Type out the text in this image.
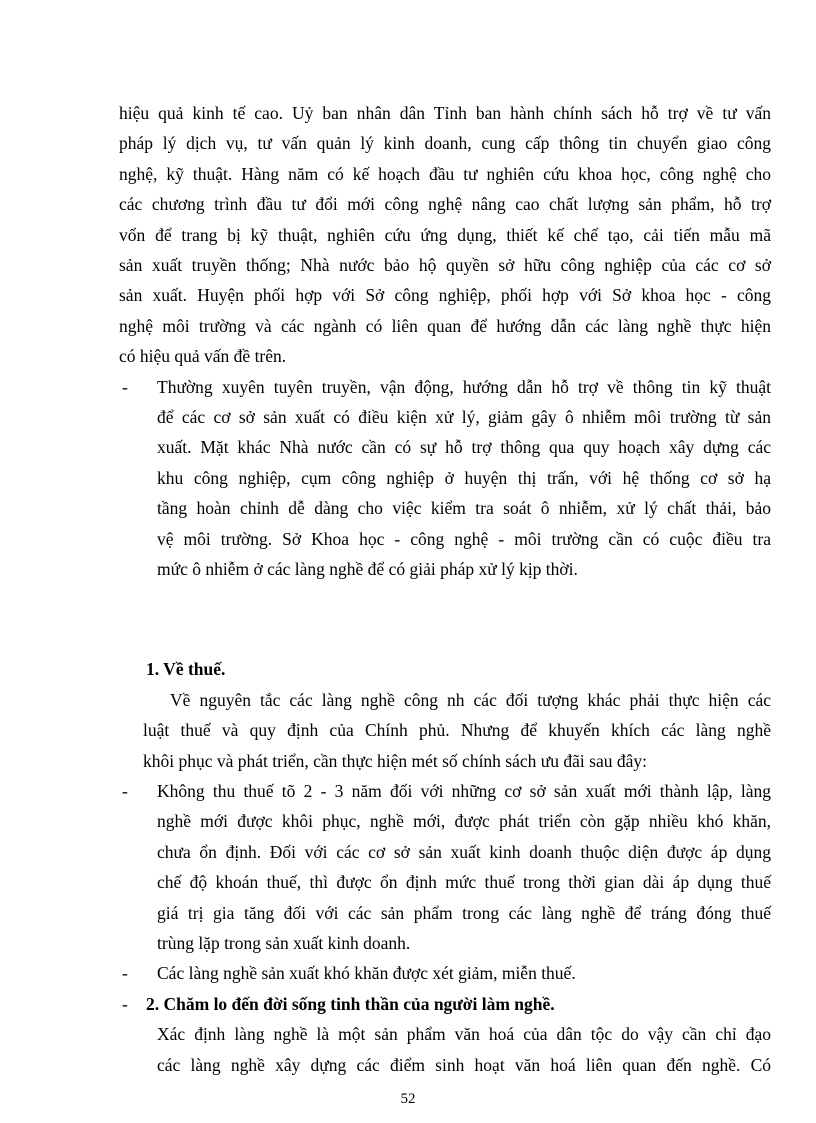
hiệu quả kinh tế cao. Uỷ ban nhân dân Tỉnh ban hành chính sách hỗ trợ về tư vấn
pháp lý dịch vụ, tư vấn quản lý kinh doanh, cung cấp thông tin chuyển giao công
nghệ, kỹ thuật. Hàng năm có kế hoạch đầu tư nghiên cứu khoa học, công nghệ cho
các chương trình đầu tư đổi mới công nghệ nâng cao chất lượng sản phẩm, hỗ trợ
vốn để trang bị kỹ thuật, nghiên cứu ứng dụng, thiết kế chế tạo, cải tiến mẫu mã
sản xuất truyền thống; Nhà nước bảo hộ quyền sở hữu công nghiệp của các cơ sở
sản xuất. Huyện phối hợp với Sở công nghiệp, phối hợp với Sở khoa học - công
nghệ môi trường và các ngành có liên quan để hướng dẫn các làng nghề thực hiện
có hiệu quả vấn đề trên.
- Thường xuyên tuyên truyền, vận động, hướng dẫn hỗ trợ về thông tin kỹ thuật
để các cơ sở sản xuất có điều kiện xử lý, giảm gây ô nhiễm môi trường từ sản
xuất. Mặt khác Nhà nước cần có sự hỗ trợ thông qua quy hoạch xây dựng các
khu công nghiệp, cụm công nghiệp ở huyện thị trấn, với hệ thống cơ sở hạ
tầng hoàn chỉnh dễ dàng cho việc kiểm tra soát ô nhiễm, xử lý chất thải, bảo
vệ môi trường. Sở Khoa học - công nghệ - môi trường cần có cuộc điều tra
mức ô nhiễm ở các làng nghề để có giải pháp xử lý kịp thời.
1. Về thuế.
Về nguyên tắc các làng nghề công nh các đối tượng khác phải thực hiện các
luật thuế và quy định của Chính phủ. Nhưng để khuyến khích các làng nghề
khôi phục và phát triển, cần thực hiện mét số chính sách ưu đãi sau đây:
- Không thu thuế tõ 2 - 3 năm đối với những cơ sở sản xuất mới thành lập, làng
nghề mới được khôi phục, nghề mới, được phát triển còn gặp nhiều khó khăn,
chưa ổn định. Đối với các cơ sở sản xuất kinh doanh thuộc diện được áp dụng
chế độ khoán thuế, thì được ổn định mức thuế trong thời gian dài áp dụng thuế
giá trị gia tăng đối với các sản phẩm trong các làng nghề để tráng đóng thuế
trùng lặp trong sản xuất kinh doanh.
- Các làng nghề sản xuất khó khăn được xét giảm, miễn thuế.
2. Chăm lo đến đời sống tinh thần của người làm nghề.
-
Xác định làng nghề là một sản phẩm văn hoá của dân tộc do vậy cần chỉ đạo
các làng nghề xây dựng các điểm sinh hoạt văn hoá liên quan đến nghề. Có
52
